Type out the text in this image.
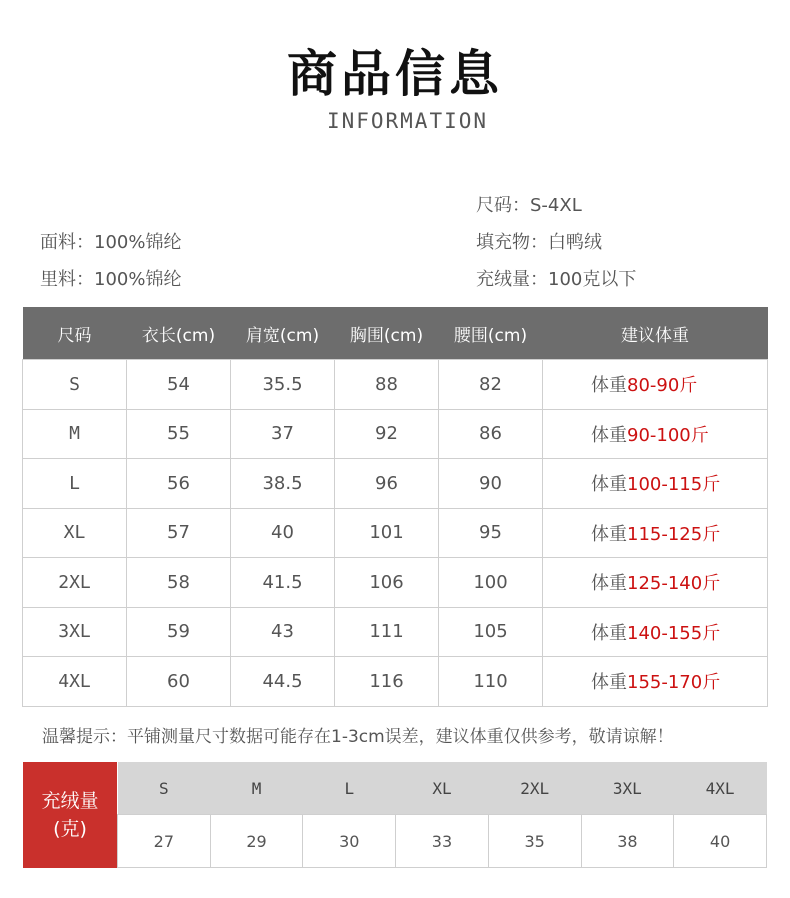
商品信息
INFORMATION
尺码：S-4XL
面料：100%锦纶	填充物：白鸭绒
里料：100%锦纶	充绒量：100克以下
尺码	衣长(cm)	肩宽(cm)	胸围(cm)	腰围(cm)	建议体重
S	54	35.5	88	82	体重80-90斤
M	55	37	92	86	体重90-100斤
L	56	38.5	96	90	体重100-115斤
XL	57	40	101	95	体重115-125斤
2XL	58	41.5	106	100	体重125-140斤
3XL	59	43	111	105	体重140-155斤
4XL	60	44.5	116	110	体重155-170斤
温馨提示：平铺测量尺寸数据可能存在1-3cm误差，建议体重仅供参考，敬请谅解！
充绒量
(克)
S	M	L	XL	2XL	3XL	4XL
27	29	30	33	35	38	40
